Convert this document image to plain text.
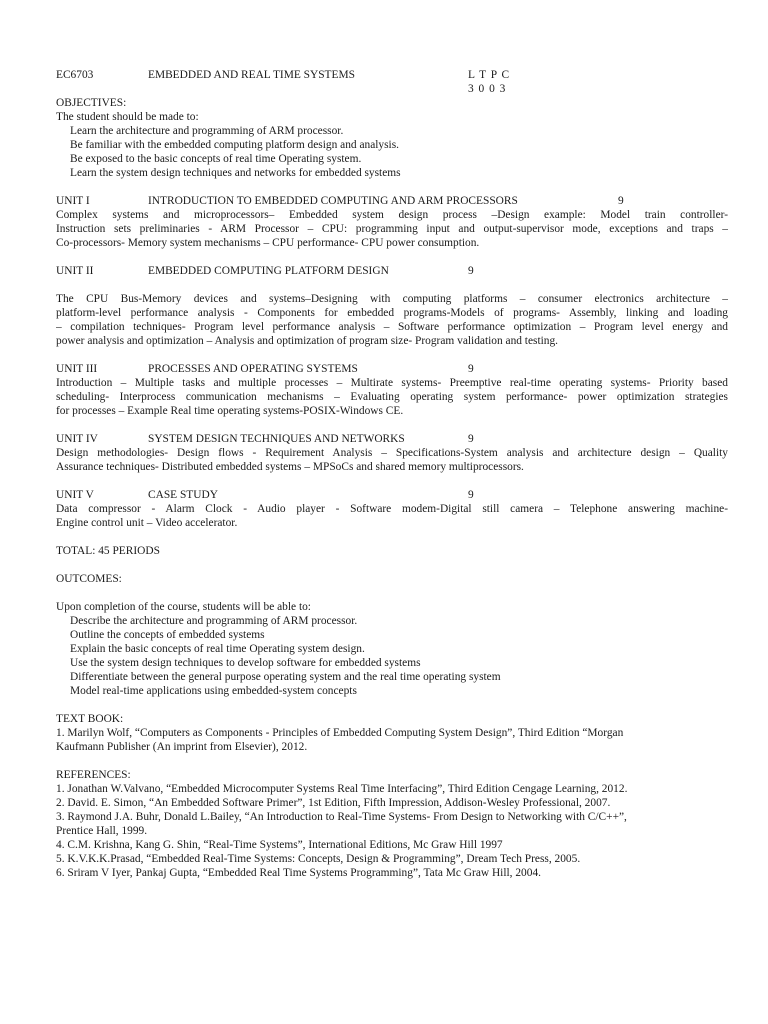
EC6703	EMBEDDED AND REAL TIME SYSTEMS	L T P C
3 0 0 3
OBJECTIVES:
The student should be made to:
Learn the architecture and programming of ARM processor.
Be familiar with the embedded computing platform design and analysis.
Be exposed to the basic concepts of real time Operating system.
Learn the system design techniques and networks for embedded systems
UNIT I	INTRODUCTION TO EMBEDDED COMPUTING AND ARM PROCESSORS	9
Complex systems and microprocessors– Embedded system design process –Design example: Model train controller-
Instruction sets preliminaries - ARM Processor – CPU: programming input and output-supervisor mode, exceptions and traps –
Co-processors- Memory system mechanisms – CPU performance- CPU power consumption.
UNIT II	EMBEDDED COMPUTING PLATFORM DESIGN	9
The CPU Bus-Memory devices and systems–Designing with computing platforms – consumer electronics architecture –
platform-level performance analysis - Components for embedded programs-Models of programs- Assembly, linking and loading
– compilation techniques- Program level performance analysis – Software performance optimization – Program level energy and
power analysis and optimization – Analysis and optimization of program size- Program validation and testing.
UNIT III	PROCESSES AND OPERATING SYSTEMS	9
Introduction – Multiple tasks and multiple processes – Multirate systems- Preemptive real-time operating systems- Priority based
scheduling- Interprocess communication mechanisms – Evaluating operating system performance- power optimization strategies
for processes – Example Real time operating systems-POSIX-Windows CE.
UNIT IV	SYSTEM DESIGN TECHNIQUES AND NETWORKS	9
Design methodologies- Design flows - Requirement Analysis – Specifications-System analysis and architecture design – Quality
Assurance techniques- Distributed embedded systems – MPSoCs and shared memory multiprocessors.
UNIT V	CASE STUDY	9
Data compressor - Alarm Clock - Audio player - Software modem-Digital still camera – Telephone answering machine-
Engine control unit – Video accelerator.
TOTAL: 45 PERIODS
OUTCOMES:
Upon completion of the course, students will be able to:
Describe the architecture and programming of ARM processor.
Outline the concepts of embedded systems
Explain the basic concepts of real time Operating system design.
Use the system design techniques to develop software for embedded systems
Differentiate between the general purpose operating system and the real time operating system
Model real-time applications using embedded-system concepts
TEXT BOOK:
1. Marilyn Wolf, “Computers as Components - Principles of Embedded Computing System Design”, Third Edition “Morgan
Kaufmann Publisher (An imprint from Elsevier), 2012.
REFERENCES:
1. Jonathan W.Valvano, “Embedded Microcomputer Systems Real Time Interfacing”, Third Edition Cengage Learning, 2012.
2. David. E. Simon, “An Embedded Software Primer”, 1st Edition, Fifth Impression, Addison-Wesley Professional, 2007.
3. Raymond J.A. Buhr, Donald L.Bailey, “An Introduction to Real-Time Systems- From Design to Networking with C/C++”,
Prentice Hall, 1999.
4. C.M. Krishna, Kang G. Shin, “Real-Time Systems”, International Editions, Mc Graw Hill 1997
5. K.V.K.K.Prasad, “Embedded Real-Time Systems: Concepts, Design & Programming”, Dream Tech Press, 2005.
6. Sriram V Iyer, Pankaj Gupta, “Embedded Real Time Systems Programming”, Tata Mc Graw Hill, 2004.
